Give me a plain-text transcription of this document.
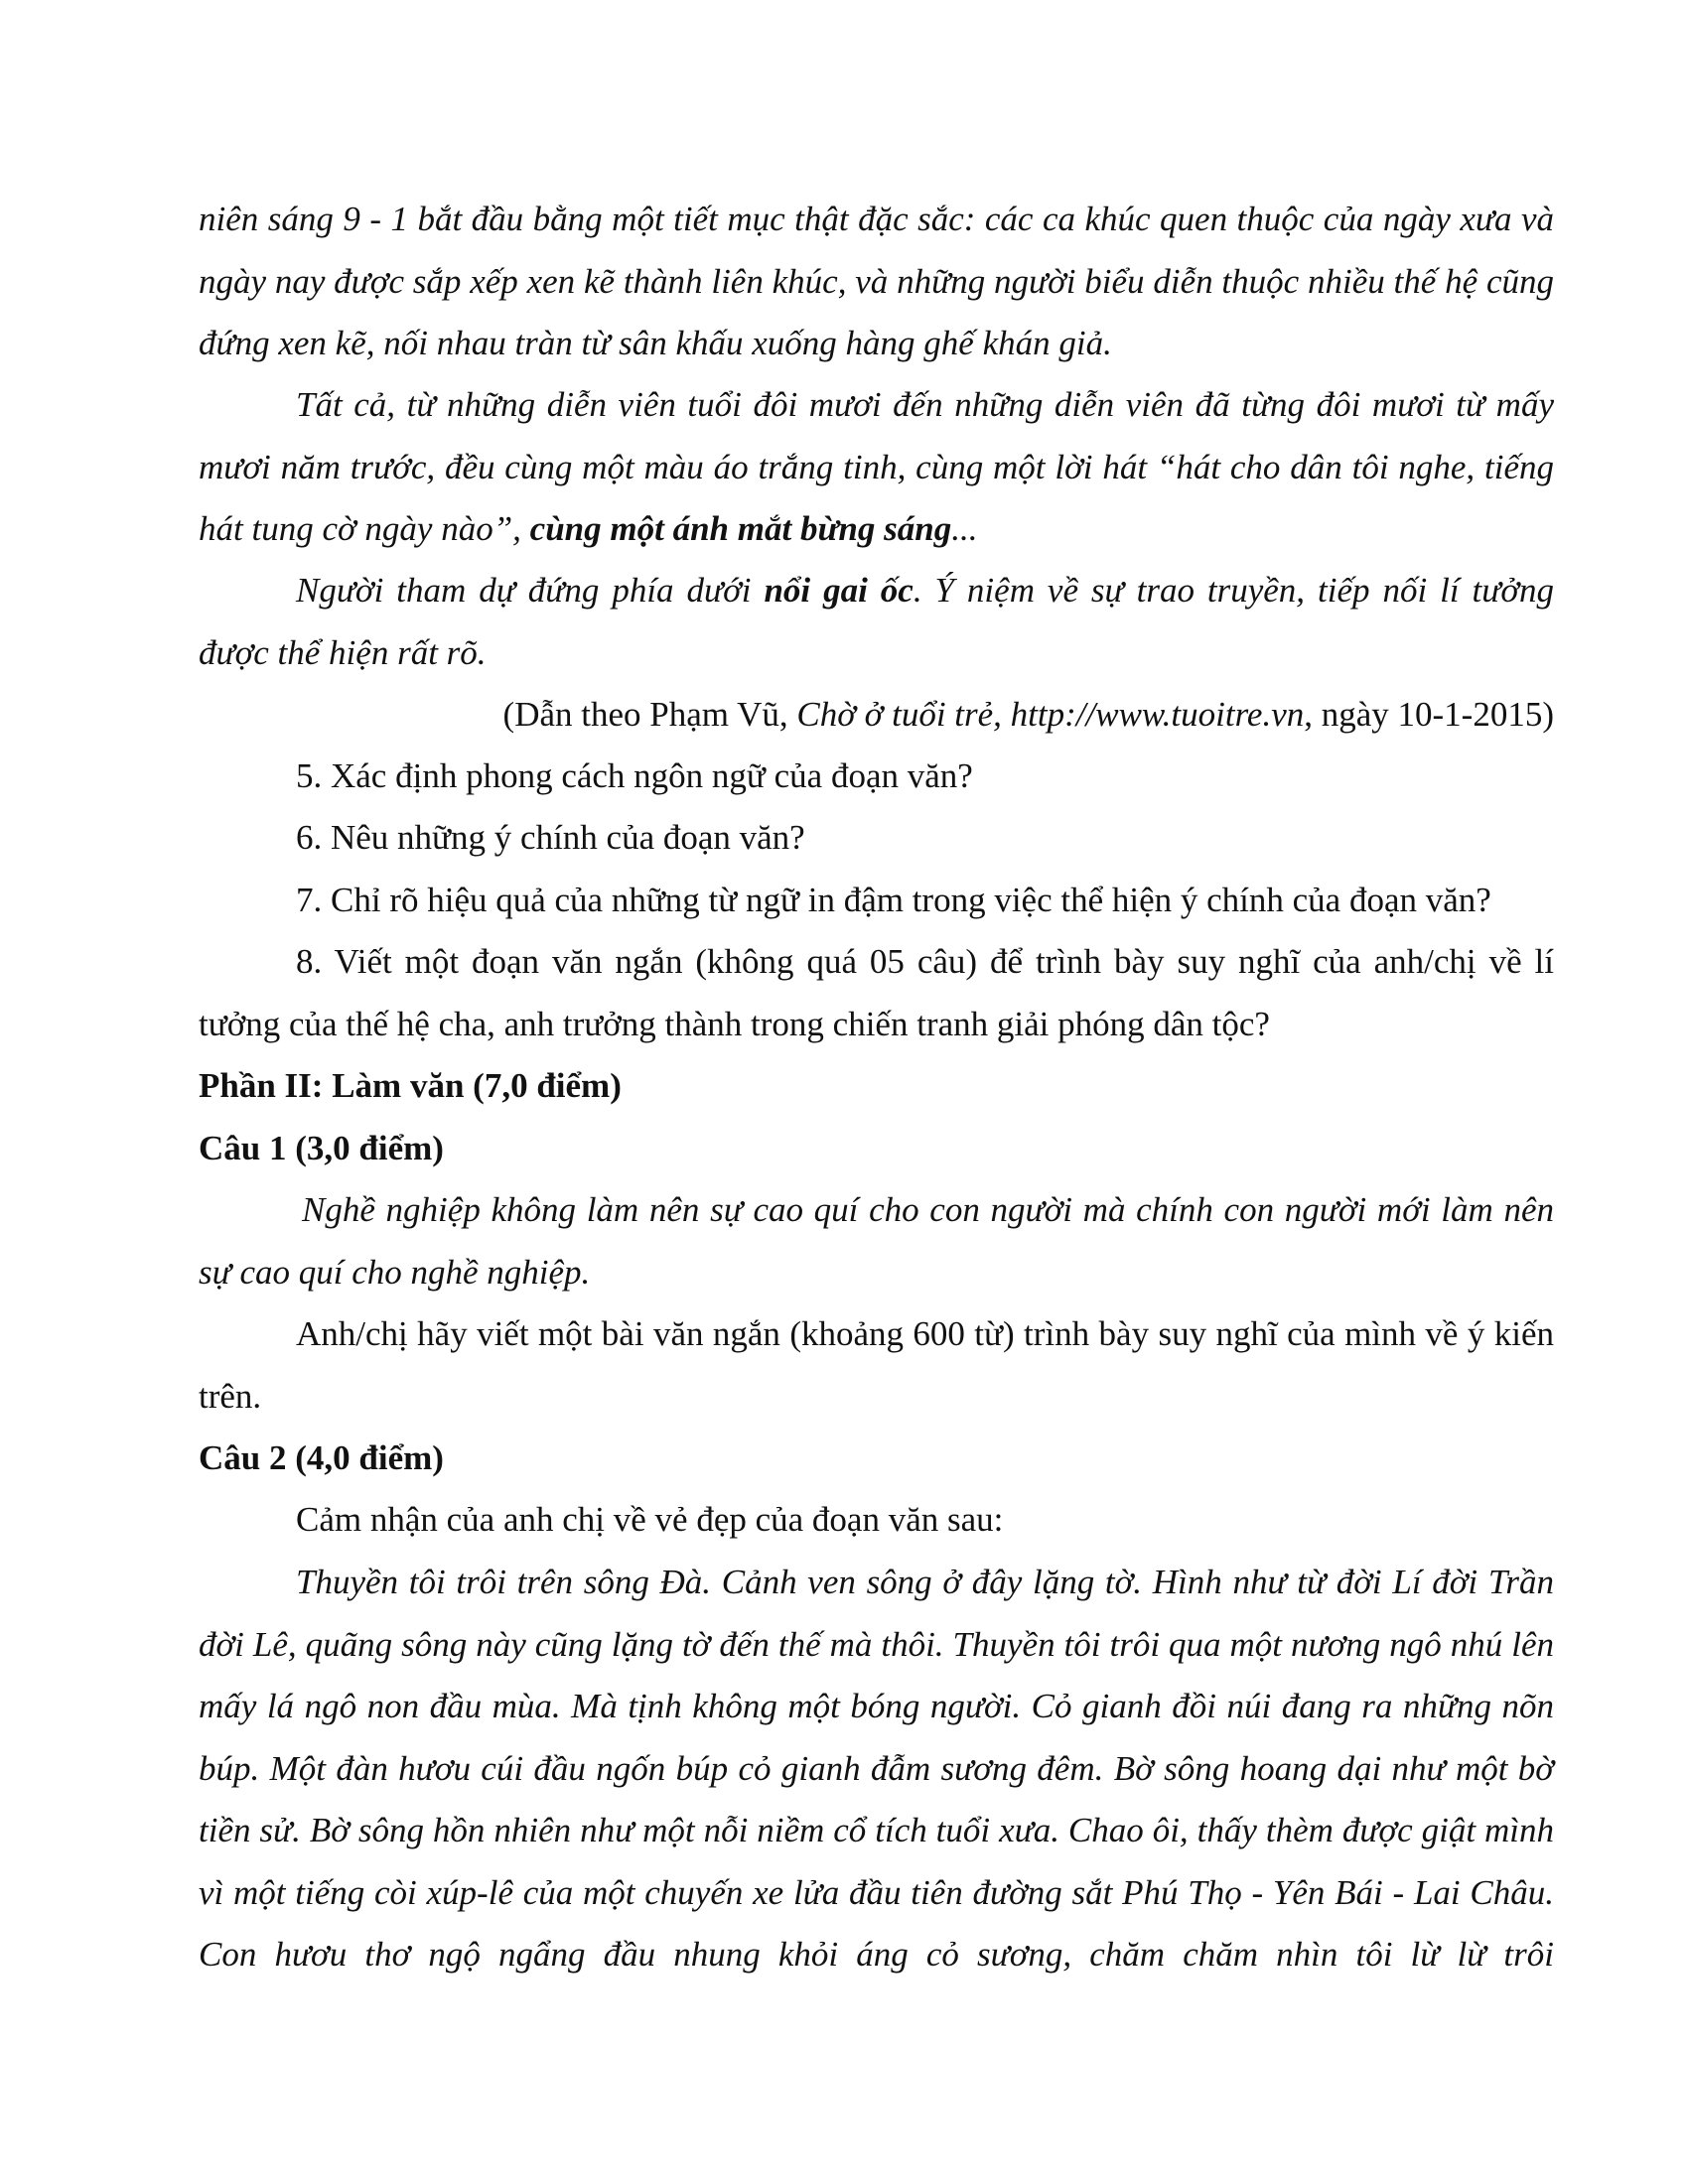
niên sáng 9 - 1 bắt đầu bằng một tiết mục thật đặc sắc: các ca khúc quen thuộc của ngày xưa và ngày nay được sắp xếp xen kẽ thành liên khúc, và những người biểu diễn thuộc nhiều thế hệ cũng đứng xen kẽ, nối nhau tràn từ sân khấu xuống hàng ghế khán giả.
Tất cả, từ những diễn viên tuổi đôi mươi đến những diễn viên đã từng đôi mươi từ mấy mươi năm trước, đều cùng một màu áo trắng tinh, cùng một lời hát “hát cho dân tôi nghe, tiếng hát tung cờ ngày nào”, cùng một ánh mắt bừng sáng...
Người tham dự đứng phía dưới nổi gai ốc. Ý niệm về sự trao truyền, tiếp nối lí tưởng được thể hiện rất rõ.
(Dẫn theo Phạm Vũ, Chờ ở tuổi trẻ, http://www.tuoitre.vn, ngày 10-1-2015)
5. Xác định phong cách ngôn ngữ của đoạn văn?
6. Nêu những ý chính của đoạn văn?
7. Chỉ rõ hiệu quả của những từ ngữ in đậm trong việc thể hiện ý chính của đoạn văn?
8. Viết một đoạn văn ngắn (không quá 05 câu) để trình bày suy nghĩ của anh/chị về lí tưởng của thế hệ cha, anh trưởng thành trong chiến tranh giải phóng dân tộc?
Phần II: Làm văn (7,0 điểm)
Câu 1 (3,0 điểm)
Nghề nghiệp không làm nên sự cao quí cho con người mà chính con người mới làm nên sự cao quí cho nghề nghiệp.
Anh/chị hãy viết một bài văn ngắn (khoảng 600 từ) trình bày suy nghĩ của mình về ý kiến trên.
Câu 2 (4,0 điểm)
Cảm nhận của anh chị về vẻ đẹp của đoạn văn sau:
Thuyền tôi trôi trên sông Đà. Cảnh ven sông ở đây lặng tờ. Hình như từ đời Lí đời Trần đời Lê, quãng sông này cũng lặng tờ đến thế mà thôi. Thuyền tôi trôi qua một nương ngô nhú lên mấy lá ngô non đầu mùa. Mà tịnh không một bóng người. Cỏ gianh đồi núi đang ra những nõn búp. Một đàn hươu cúi đầu ngốn búp cỏ gianh đẫm sương đêm. Bờ sông hoang dại như một bờ tiền sử. Bờ sông hồn nhiên như một nỗi niềm cổ tích tuổi xưa. Chao ôi, thấy thèm được giật mình vì một tiếng còi xúp-lê của một chuyến xe lửa đầu tiên đường sắt Phú Thọ - Yên Bái - Lai Châu. Con hươu thơ ngộ ngẩng đầu nhung khỏi áng cỏ sương, chăm chăm nhìn tôi lừ lừ trôi
